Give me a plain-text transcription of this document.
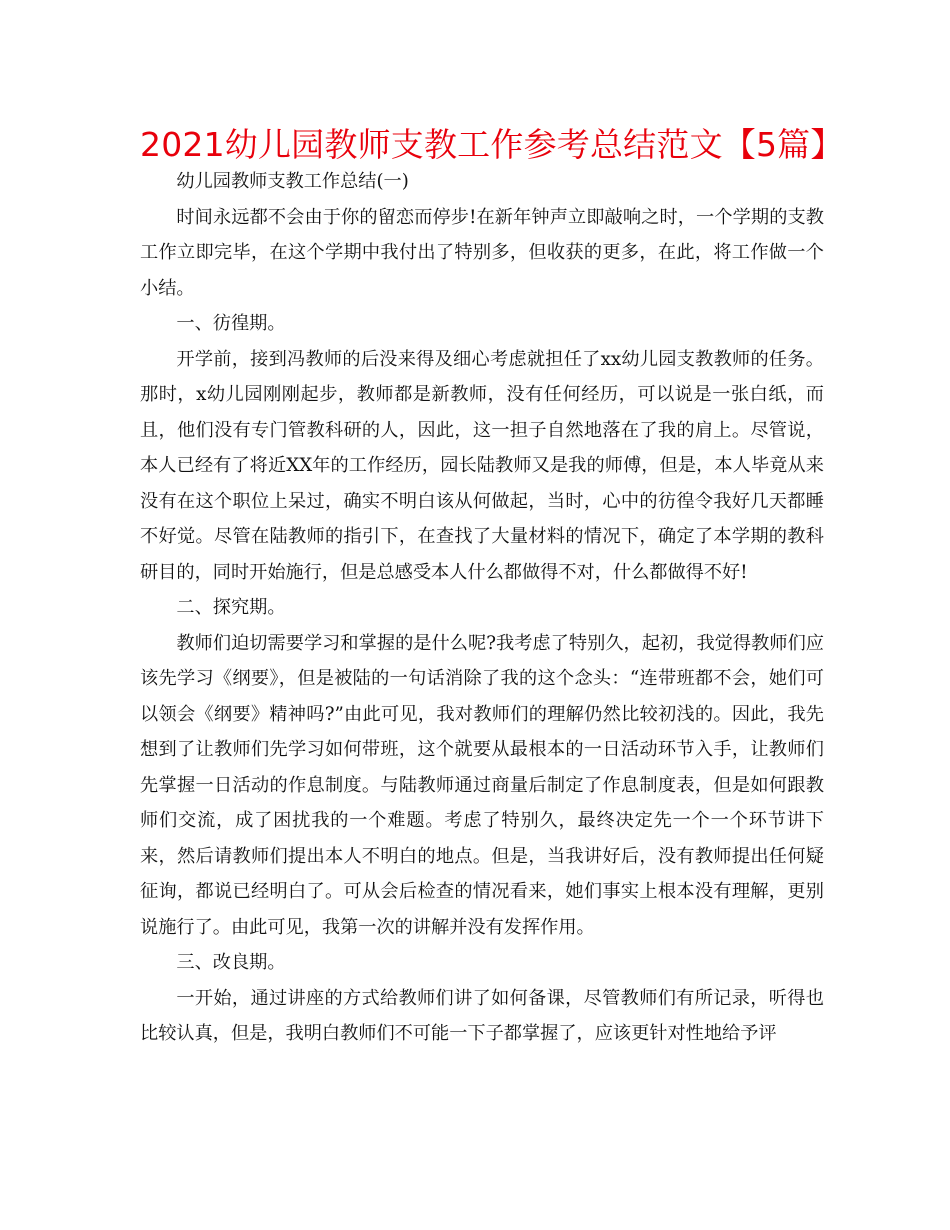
2021幼儿园教师支教工作参考总结范文【5篇】

幼儿园教师支教工作总结(一)

时间永远都不会由于你的留恋而停步!在新年钟声立即敲响之时，一个学期的支教工作立即完毕，在这个学期中我付出了特别多，但收获的更多，在此，将工作做一个小结。

一、彷徨期。

开学前，接到冯教师的后没来得及细心考虑就担任了xx幼儿园支教教师的任务。那时，x幼儿园刚刚起步，教师都是新教师，没有任何经历，可以说是一张白纸，而且，他们没有专门管教科研的人，因此，这一担子自然地落在了我的肩上。尽管说，本人已经有了将近XX年的工作经历，园长陆教师又是我的师傅，但是，本人毕竟从来没有在这个职位上呆过，确实不明白该从何做起，当时，心中的彷徨令我好几天都睡不好觉。尽管在陆教师的指引下，在查找了大量材料的情况下，确定了本学期的教科研目的，同时开始施行，但是总感受本人什么都做得不对，什么都做得不好!

二、探究期。

教师们迫切需要学习和掌握的是什么呢?我考虑了特别久，起初，我觉得教师们应该先学习《纲要》，但是被陆的一句话消除了我的这个念头：“连带班都不会，她们可以领会《纲要》精神吗?”由此可见，我对教师们的理解仍然比较初浅的。因此，我先想到了让教师们先学习如何带班，这个就要从最根本的一日活动环节入手，让教师们先掌握一日活动的作息制度。与陆教师通过商量后制定了作息制度表，但是如何跟教师们交流，成了困扰我的一个难题。考虑了特别久，最终决定先一个一个环节讲下来，然后请教师们提出本人不明白的地点。但是，当我讲好后，没有教师提出任何疑征询，都说已经明白了。可从会后检查的情况看来，她们事实上根本没有理解，更别说施行了。由此可见，我第一次的讲解并没有发挥作用。

三、改良期。

一开始，通过讲座的方式给教师们讲了如何备课，尽管教师们有所记录，听得也比较认真，但是，我明白教师们不可能一下子都掌握了，应该更针对性地给予评
